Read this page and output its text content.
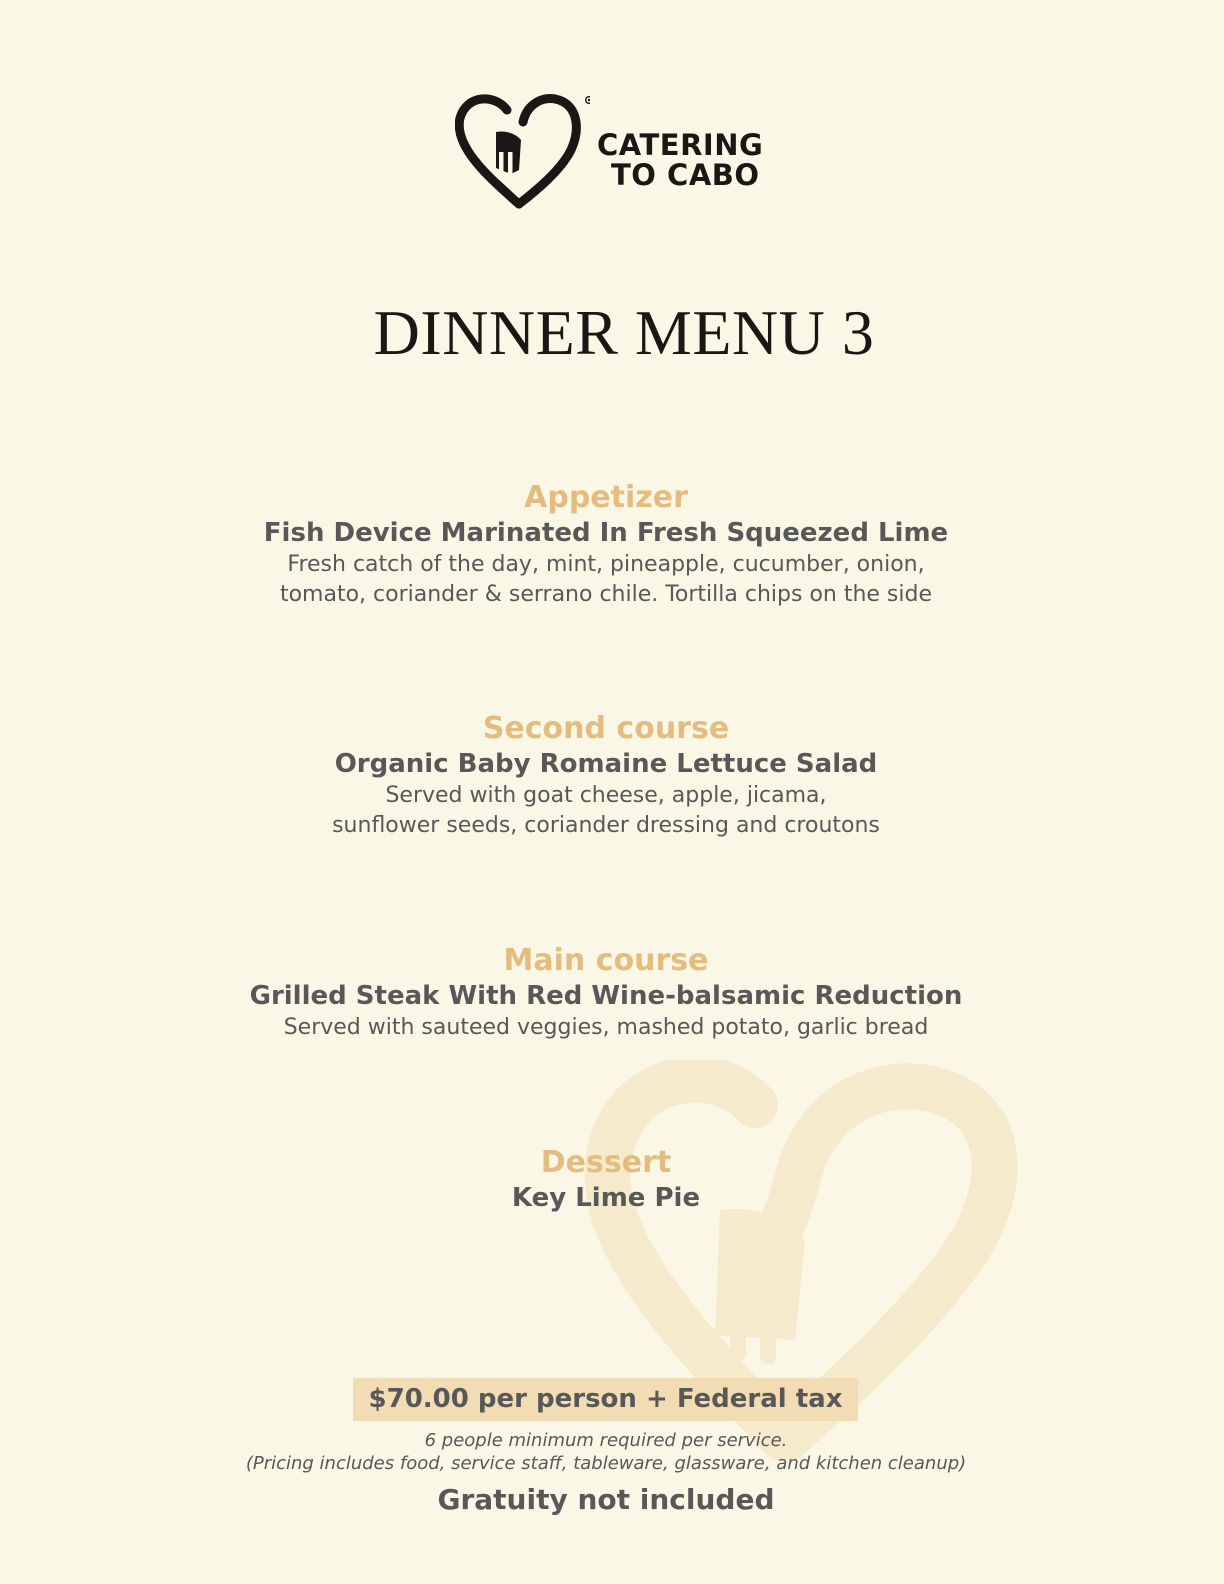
CATERING
TO CABO
DINNER MENU 3
Appetizer
Fish Device Marinated In Fresh Squeezed Lime
Fresh catch of the day, mint, pineapple, cucumber, onion,
tomato, coriander & serrano chile. Tortilla chips on the side
Second course
Organic Baby Romaine Lettuce Salad
Served with goat cheese, apple, jicama,
sunflower seeds, coriander dressing and croutons
Main course
Grilled Steak With Red Wine-balsamic Reduction
Served with sauteed veggies, mashed potato, garlic bread
Dessert
Key Lime Pie
$70.00 per person + Federal tax
6 people minimum required per service.
(Pricing includes food, service staff, tableware, glassware, and kitchen cleanup)
Gratuity not included
